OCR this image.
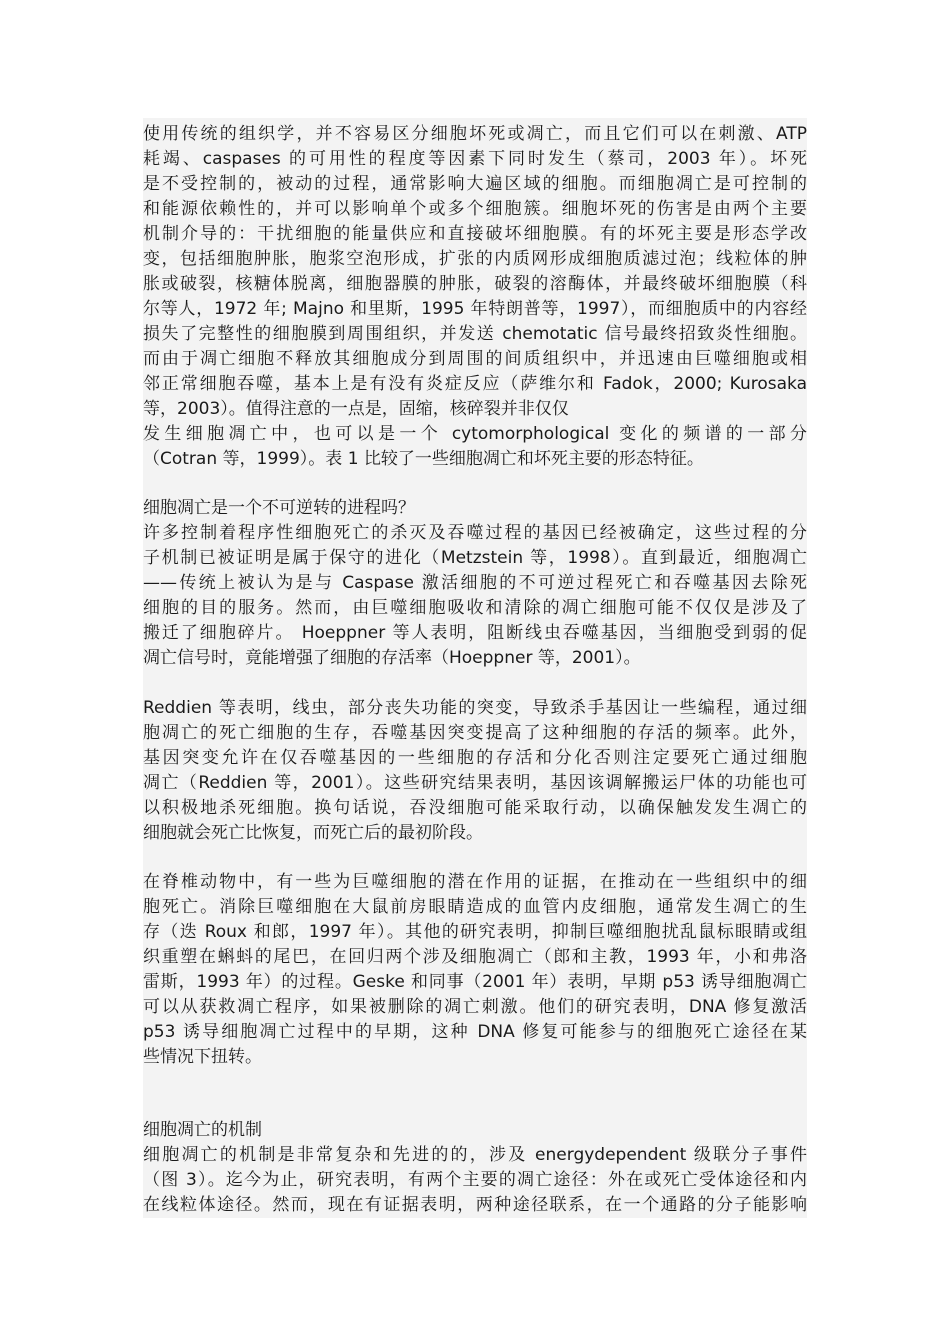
使用传统的组织学，并不容易区分细胞坏死或凋亡，而且它们可以在刺激、ATP
耗竭、caspases 的可用性的程度等因素下同时发生（蔡司，2003 年）。坏死
是不受控制的，被动的过程，通常影响大遍区域的细胞。而细胞凋亡是可控制的
和能源依赖性的，并可以影响单个或多个细胞簇。细胞坏死的伤害是由两个主要
机制介导的：干扰细胞的能量供应和直接破坏细胞膜。有的坏死主要是形态学改
变，包括细胞肿胀，胞浆空泡形成，扩张的内质网形成细胞质滤过泡；线粒体的肿
胀或破裂，核糖体脱离，细胞器膜的肿胀，破裂的溶酶体，并最终破坏细胞膜（科
尔等人，1972 年; Majno 和里斯，1995 年特朗普等，1997），而细胞质中的内容经
损失了完整性的细胞膜到周围组织，并发送 chemotatic 信号最终招致炎性细胞。
而由于凋亡细胞不释放其细胞成分到周围的间质组织中，并迅速由巨噬细胞或相
邻正常细胞吞噬，基本上是有没有炎症反应（萨维尔和 Fadok，2000; Kurosaka
等，2003）。值得注意的一点是，固缩，核碎裂并非仅仅
发生细胞凋亡中，也可以是一个 cytomorphological 变化的频谱的一部分
（Cotran 等，1999）。表 1 比较了一些细胞凋亡和坏死主要的形态特征。
细胞凋亡是一个不可逆转的进程吗？
许多控制着程序性细胞死亡的杀灭及吞噬过程的基因已经被确定，这些过程的分
子机制已被证明是属于保守的进化（Metzstein 等，1998）。直到最近，细胞凋亡
——传统上被认为是与 Caspase 激活细胞的不可逆过程死亡和吞噬基因去除死
细胞的目的服务。然而，由巨噬细胞吸收和清除的凋亡细胞可能不仅仅是涉及了
搬迁了细胞碎片。 Hoeppner 等人表明，阻断线虫吞噬基因，当细胞受到弱的促
凋亡信号时，竟能增强了细胞的存活率（Hoeppner 等，2001）。
Reddien 等表明，线虫，部分丧失功能的突变，导致杀手基因让一些编程，通过细
胞凋亡的死亡细胞的生存，吞噬基因突变提高了这种细胞的存活的频率。此外，
基因突变允许在仅吞噬基因的一些细胞的存活和分化否则注定要死亡通过细胞
凋亡（Reddien 等，2001）。这些研究结果表明，基因该调解搬运尸体的功能也可
以积极地杀死细胞。换句话说，吞没细胞可能采取行动，以确保触发发生凋亡的
细胞就会死亡比恢复，而死亡后的最初阶段。
在脊椎动物中，有一些为巨噬细胞的潜在作用的证据，在推动在一些组织中的细
胞死亡。消除巨噬细胞在大鼠前房眼睛造成的血管内皮细胞，通常发生凋亡的生
存（迭 Roux 和郎，1997 年）。其他的研究表明，抑制巨噬细胞扰乱鼠标眼睛或组
织重塑在蝌蚪的尾巴，在回归两个涉及细胞凋亡（郎和主教，1993 年，小和弗洛
雷斯，1993 年）的过程。Geske 和同事（2001 年）表明，早期 p53 诱导细胞凋亡
可以从获救凋亡程序，如果被删除的凋亡刺激。他们的研究表明，DNA 修复激活
p53 诱导细胞凋亡过程中的早期，这种 DNA 修复可能参与的细胞死亡途径在某
些情况下扭转。
细胞凋亡的机制
细胞凋亡的机制是非常复杂和先进的的，涉及 energydependent 级联分子事件
（图 3）。迄今为止，研究表明，有两个主要的凋亡途径：外在或死亡受体途径和内
在线粒体途径。然而，现在有证据表明，两种途径联系，在一个通路的分子能影响
